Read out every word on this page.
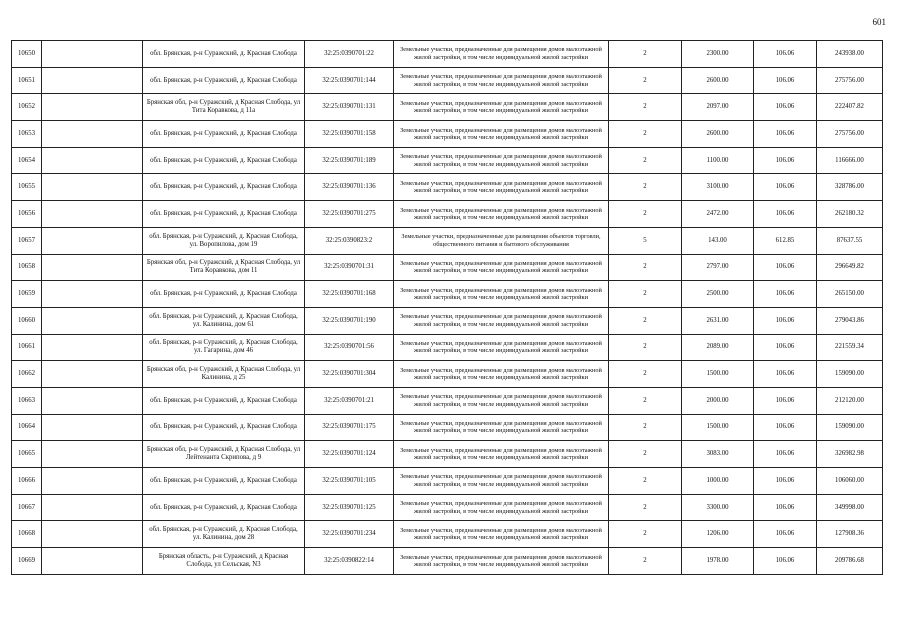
601
10650		обл. Брянская, р-н Суражский, д. Красная Слобода	32:25:0390701:22	Земельные участки, предназначенные для размещения домов малоэтажной жилой застройки, в том числе индивидуальной жилой застройки	2	2300.00	106.06	243938.00
10651		обл. Брянская, р-н Суражский, д. Красная Слобода	32:25:0390701:144	Земельные участки, предназначенные для размещения домов малоэтажной жилой застройки, в том числе индивидуальной жилой застройки	2	2600.00	106.06	275756.00
10652		Брянская обл, р-н Суражский, д Красная Слобода, ул Тита Коравкова, д 11а	32:25:0390701:131	Земельные участки, предназначенные для размещения домов малоэтажной жилой застройки, в том числе индивидуальной жилой застройки	2	2097.00	106.06	222407.82
10653		обл. Брянская, р-н Суражский, д. Красная Слобода	32:25:0390701:158	Земельные участки, предназначенные для размещения домов малоэтажной жилой застройки, в том числе индивидуальной жилой застройки	2	2600.00	106.06	275756.00
10654		обл. Брянская, р-н Суражский, д. Красная Слобода	32:25:0390701:189	Земельные участки, предназначенные для размещения домов малоэтажной жилой застройки, в том числе индивидуальной жилой застройки	2	1100.00	106.06	116666.00
10655		обл. Брянская, р-н Суражский, д. Красная Слобода	32:25:0390701:136	Земельные участки, предназначенные для размещения домов малоэтажной жилой застройки, в том числе индивидуальной жилой застройки	2	3100.00	106.06	328786.00
10656		обл. Брянская, р-н Суражский, д. Красная Слобода	32:25:0390701:275	Земельные участки, предназначенные для размещения домов малоэтажной жилой застройки, в том числе индивидуальной жилой застройки	2	2472.00	106.06	262180.32
10657		обл. Брянская, р-н Суражский, д. Красная Слобода, ул. Воропилова, дом 19	32:25:0390823:2	Земельные участки, предназначенные для размещения объектов торговли, общественного питания и бытового обслуживания	5	143.00	612.85	87637.55
10658		Брянская обл, р-н Суражский, д Красная Слобода, ул Тита Коравкова, дом 11	32:25:0390701:31	Земельные участки, предназначенные для размещения домов малоэтажной жилой застройки, в том числе индивидуальной жилой застройки	2	2797.00	106.06	296649.82
10659		обл. Брянская, р-н Суражский, д. Красная Слобода	32:25:0390701:168	Земельные участки, предназначенные для размещения домов малоэтажной жилой застройки, в том числе индивидуальной жилой застройки	2	2500.00	106.06	265150.00
10660		обл. Брянская, р-н Суражский, д. Красная Слобода, ул. Калинина, дом 61	32:25:0390701:190	Земельные участки, предназначенные для размещения домов малоэтажной жилой застройки, в том числе индивидуальной жилой застройки	2	2631.00	106.06	279043.86
10661		обл. Брянская, р-н Суражский, д. Красная Слобода, ул. Гагарина, дом 46	32:25:0390701:56	Земельные участки, предназначенные для размещения домов малоэтажной жилой застройки, в том числе индивидуальной жилой застройки	2	2089.00	106.06	221559.34
10662		Брянская обл, р-н Суражский, д Красная Слобода, ул Калинина, д 25	32:25:0390701:304	Земельные участки, предназначенные для размещения домов малоэтажной жилой застройки, в том числе индивидуальной жилой застройки	2	1500.00	106.06	159090.00
10663		обл. Брянская, р-н Суражский, д. Красная Слобода	32:25:0390701:21	Земельные участки, предназначенные для размещения домов малоэтажной жилой застройки, в том числе индивидуальной жилой застройки	2	2000.00	106.06	212120.00
10664		обл. Брянская, р-н Суражский, д. Красная Слобода	32:25:0390701:175	Земельные участки, предназначенные для размещения домов малоэтажной жилой застройки, в том числе индивидуальной жилой застройки	2	1500.00	106.06	159090.00
10665		Брянская обл, р-н Суражский, д Красная Слобода, ул Лейтенанта Скрипова, д 9	32:25:0390701:124	Земельные участки, предназначенные для размещения домов малоэтажной жилой застройки, в том числе индивидуальной жилой застройки	2	3083.00	106.06	326982.98
10666		обл. Брянская, р-н Суражский, д. Красная Слобода	32:25:0390701:105	Земельные участки, предназначенные для размещения домов малоэтажной жилой застройки, в том числе индивидуальной жилой застройки	2	1000.00	106.06	106060.00
10667		обл. Брянская, р-н Суражский, д. Красная Слобода	32:25:0390701:125	Земельные участки, предназначенные для размещения домов малоэтажной жилой застройки, в том числе индивидуальной жилой застройки	2	3300.00	106.06	349998.00
10668		обл. Брянская, р-н Суражский, д. Красная Слобода, ул. Калинина, дом 28	32:25:0390701:234	Земельные участки, предназначенные для размещения домов малоэтажной жилой застройки, в том числе индивидуальной жилой застройки	2	1206.00	106.06	127908.36
10669		Брянская область, р-н Суражский, д Красная Слобода, ул Сельская, N3	32:25:0390822:14	Земельные участки, предназначенные для размещения домов малоэтажной жилой застройки, в том числе индивидуальной жилой застройки	2	1978.00	106.06	209786.68
